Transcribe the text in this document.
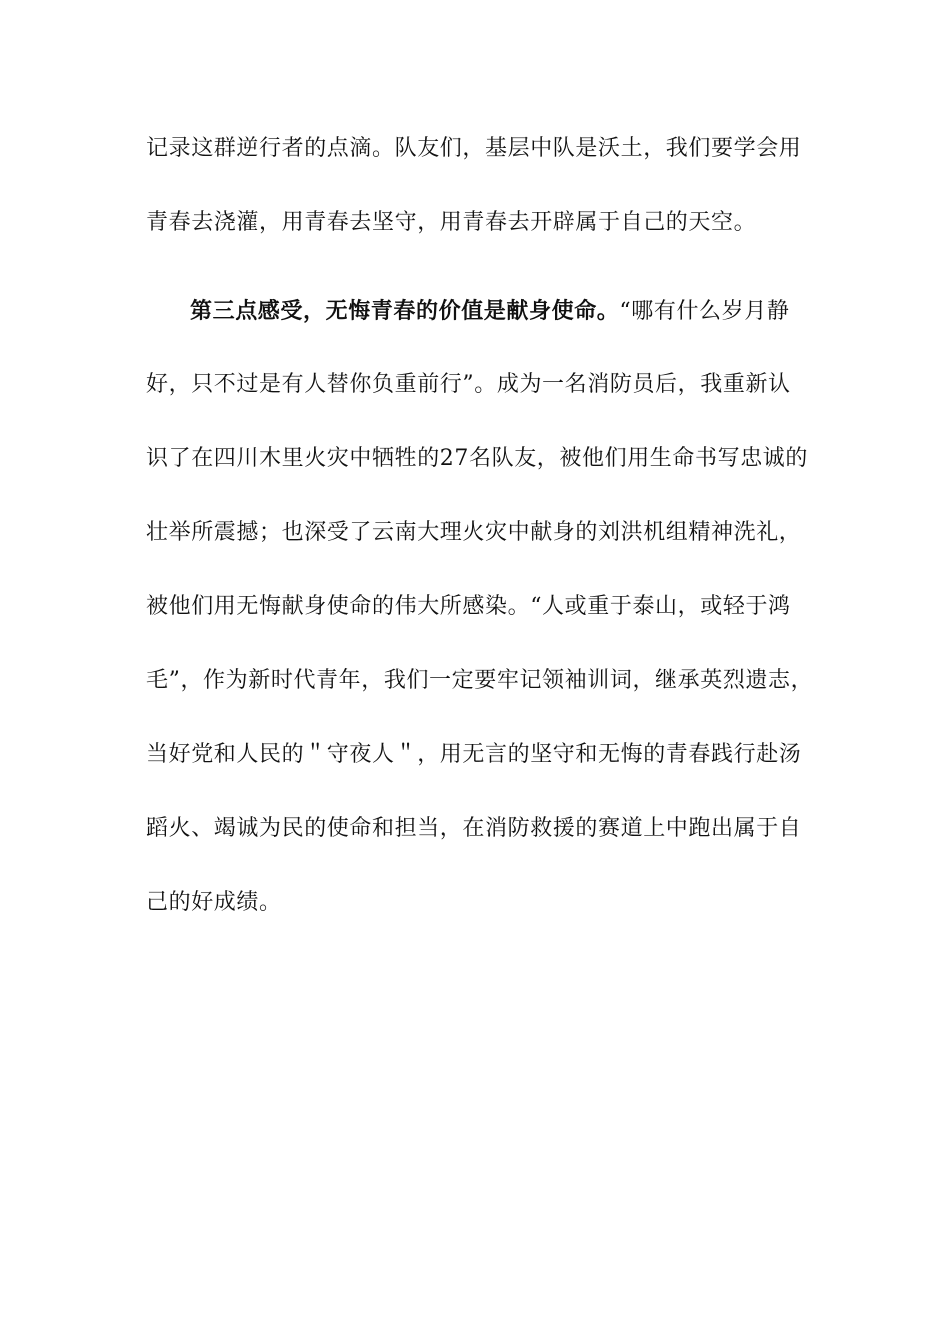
记录这群逆行者的点滴。队友们，基层中队是沃土，我们要学会用
青春去浇灌，用青春去坚守，用青春去开辟属于自己的天空。
第三点感受，无悔青春的价值是献身使命。“哪有什么岁月静
好，只不过是有人替你负重前行”。成为一名消防员后，我重新认
识了在四川木里火灾中牺牲的27名队友，被他们用生命书写忠诚的
壮举所震撼；也深受了云南大理火灾中献身的刘洪机组精神洗礼，
被他们用无悔献身使命的伟大所感染。“人或重于泰山，或轻于鸿
毛”，作为新时代青年，我们一定要牢记领袖训词，继承英烈遗志，
当好党和人民的＂守夜人＂，用无言的坚守和无悔的青春践行赴汤
蹈火、竭诚为民的使命和担当，在消防救援的赛道上中跑出属于自
己的好成绩。
